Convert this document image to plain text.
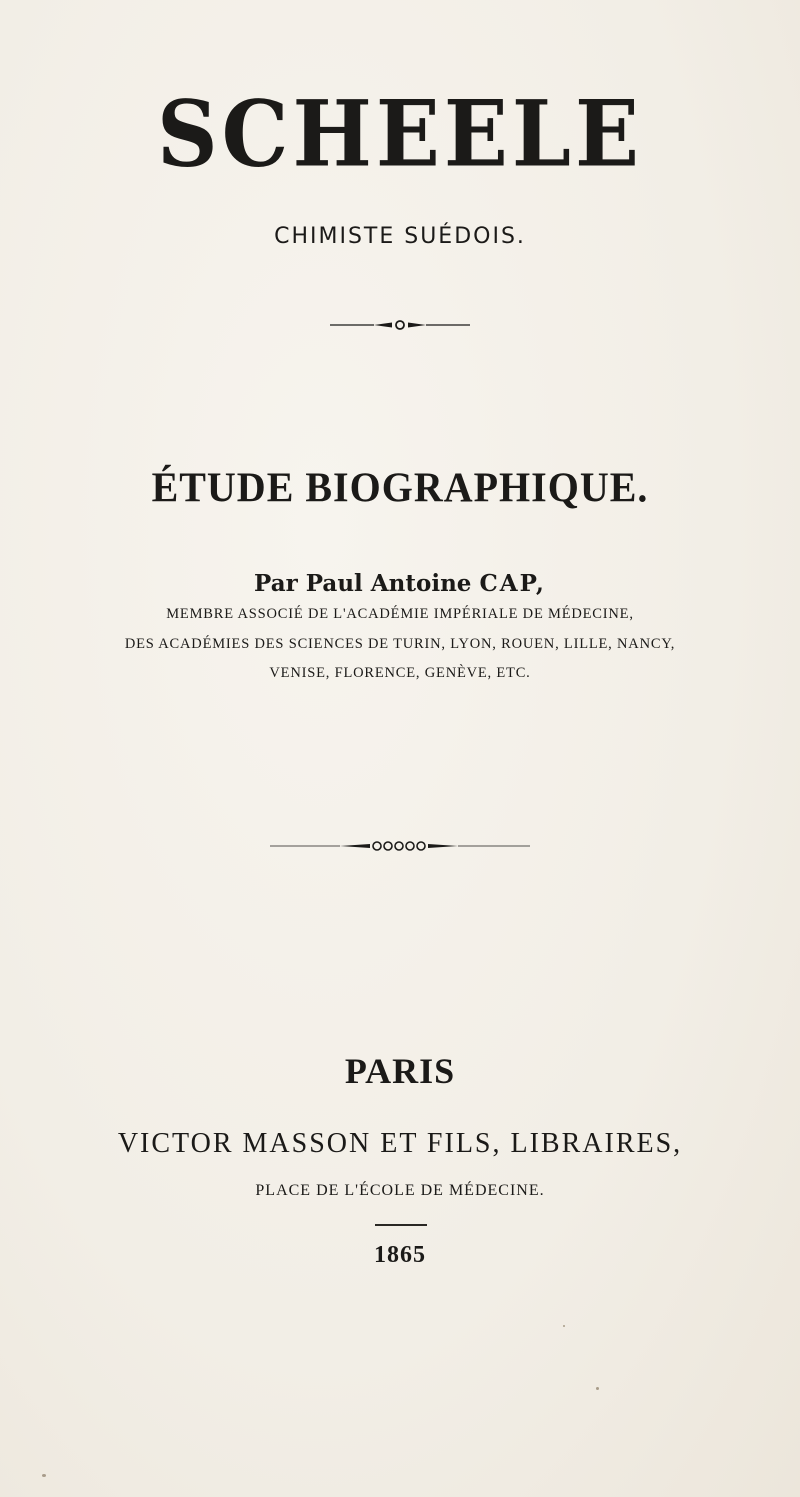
SCHEELE
CHIMISTE SUÉDOIS.
ÉTUDE BIOGRAPHIQUE.
Par Paul Antoine CAP,
MEMBRE ASSOCIÉ DE L'ACADÉMIE IMPÉRIALE DE MÉDECINE,
DES ACADÉMIES DES SCIENCES DE TURIN, LYON, ROUEN, LILLE, NANCY,
VENISE, FLORENCE, GENÈVE, ETC.
PARIS
VICTOR MASSON ET FILS, LIBRAIRES,
PLACE DE L'ÉCOLE DE MÉDECINE.
1865
